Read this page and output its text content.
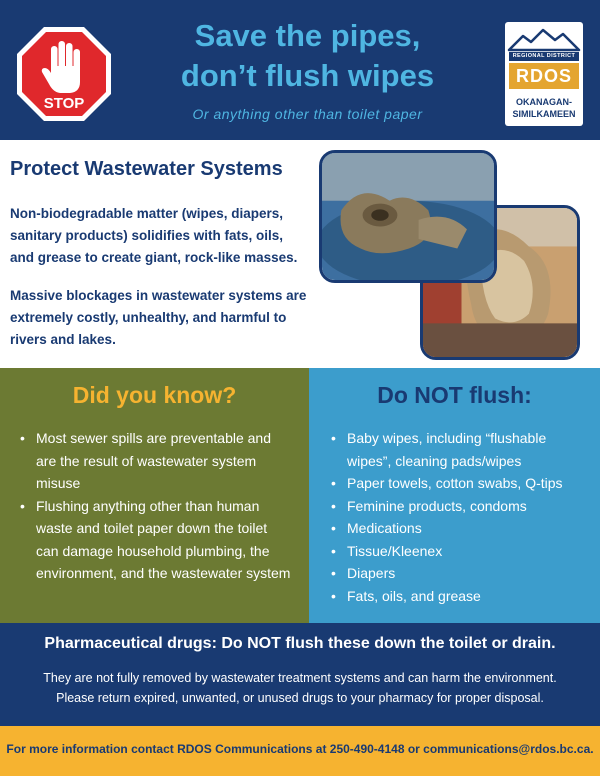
STOP
Save the pipes,
don’t flush wipes
Or anything other than toilet paper
REGIONAL DISTRICT
RDOS
OKANAGAN-
SIMILKAMEEN
Protect Wastewater Systems
Non-biodegradable matter (wipes, diapers, sanitary products) solidifies with fats, oils, and grease to create giant, rock-like masses.
Massive blockages in wastewater systems are extremely costly, unhealthy, and harmful to rivers and lakes.
Did you know?
• Most sewer spills are preventable and are the result of wastewater system misuse
• Flushing anything other than human waste and toilet paper down the toilet can damage household plumbing, the environment, and the wastewater system
Do NOT flush:
• Baby wipes, including “flushable wipes”, cleaning pads/wipes
• Paper towels, cotton swabs, Q-tips
• Feminine products, condoms
• Medications
• Tissue/Kleenex
• Diapers
• Fats, oils, and grease
Pharmaceutical drugs: Do NOT flush these down the toilet or drain.
They are not fully removed by wastewater treatment systems and can harm the environment.
Please return expired, unwanted, or unused drugs to your pharmacy for proper disposal.
For more information contact RDOS Communications at 250-490-4148 or communications@rdos.bc.ca.
